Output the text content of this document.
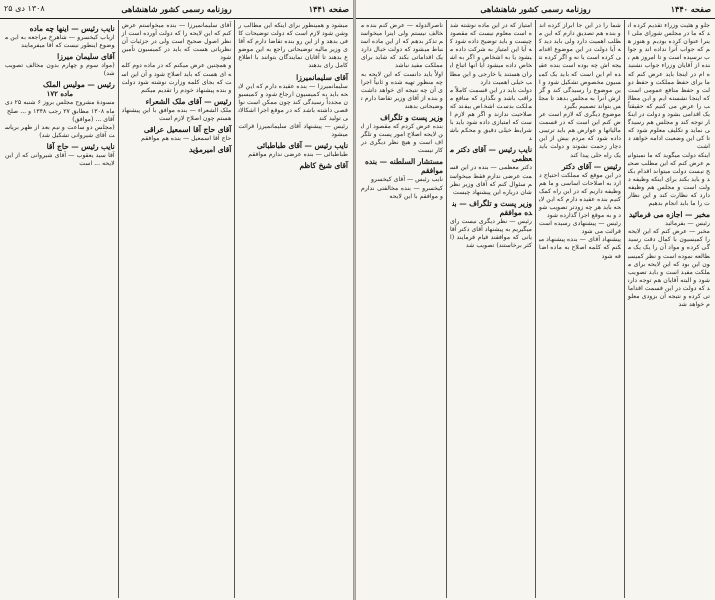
صفحه ۱۴۴۰
روزنامه رسمی کشور شاهنشاهی
جلو و هئیت وزراء تقدیم کرده اند که ما در مجلس شورای ملی اینرا عنوان کرده بودیم و هنوز هم که جواب آنرا نداده اند و جواب نرسیده است و تا امروز هم بنده از آقایان وزراء جواب نشنیده ام در اینجا باید عرض کنم که ما برای حفظ مملکت و حفظ دولت و حفظ منافع عمومی است که اینجا نشسته ایم و این مطالب را عرض می کنیم که حقیقتاً یک اقدامی بشود و دولت در اینکار توجه کند و مجلس هم رسیدگی نماید و تکلیف معلوم شود که تا کی این وضعیت ادامه خواهد داشت
اینکه دولت میگوید که ما نمیتوانیم عرض کنم که این مطلب صحیح نیست دولت میتواند اقدام بکند و باید بکند برای اینکه وظیفه دولت است و مجلس هم وظیفه دارد که نظارت کند و این نظارت را ما باید انجام بدهیم
مخبر — اجازه می فرمائید
رئیس — بفرمائید
مخبر — عرض کنم که این لایحه را کمیسیون با کمال دقت رسیدگی کرده و مواد آن را یک یک مطالعه نموده است و نظر کمیسیون این بود که این لایحه برای مملکت مفید است و باید تصویب شود و البته آقایان هم توجه دارند که دولت در این قسمت اقداماتی کرده و نتیجه آن بزودی معلوم خواهد شد
شما را در این جا ابراز کرده اند و بنده هم تصدیق دارم که این مطلب اهمیت دارد ولی باید دید که آیا دولت در این موضوع اقدامی کرده است یا نه و اگر کرده نتیجه اش چه بوده است بنده عقیده ام این است که باید یک کمیسیون مخصوص تشکیل شود و این موضوع را رسیدگی کند و گزارش آنرا به مجلس بدهد تا مجلس بتواند تصمیم بگیرد
موضوع دیگری که لازم است عرض کنم این است که در قسمت مالیاتها و عوارض هم باید ترتیبی داده شود که مردم بیش از این دچار زحمت نشوند و دولت باید یک راه حلی پیدا کند
رئیس — آقای دکتر
در این موقع که مملکت احتیاج دارد به اصلاحات اساسی و ما هم وظیفه داریم که در این راه کمک کنیم بنده عقیده دارم که این لایحه باید هر چه زودتر تصویب شود و به موقع اجرا گذارده شود
رئیس — پیشنهادی رسیده است قرائت می شود
پیشنهاد آقای — بنده پیشنهاد میکنم که کلمه اصلاح به ماده اضافه شود
امتیاز که در این ماده نوشته شده است معلوم نیست که مقصود چیست و باید توضیح داده شود که آیا این امتیاز به شرکت داده میشود یا به اشخاص و اگر به اشخاص داده میشود آیا آنها اتباع ایران هستند یا خارجی و این مطلب خیلی اهمیت دارد
دولت باید در این قسمت کاملاً مراقب باشد و نگذارد که منافع مملکت بدست اشخاص بیفتد که صلاحیت ندارند و اگر هم لازم است که امتیازی داده شود باید با شرایط خیلی دقیق و محکم باشد
نایب رئیس — آقای دکتر معظمی
دکتر معظمی — بنده در این قسمت عرضی ندارم فقط میخواستم سئوال کنم که آقای وزیر نظرشان درباره این پیشنهاد چیست
وزیر پست و تلگراف — بنده موافقم
رئیس — نظر دیگری نیست رای میگیریم به پیشنهاد آقای دکتر آقایانی که موافقند قیام فرمایند (اکثر برخاستند) تصویب شد
ناصرالدوله — عرض کنم بنده مخالف نیستم ولی اینرا میخواستم تذکر بدهم که از این ماده استنباط میشود که دولت خیال دارد یک اقداماتی بکند که شاید برای مملکت مفید نباشد
اولاً باید دانست که این لایحه به چه منظور تهیه شده و ثانیاً اجرای آن چه نتیجه ای خواهد داشت و بنده از آقای وزیر تقاضا دارم توضیحاتی بدهند
وزیر پست و تلگراف
بنده عرض کردم که مقصود از این لایحه اصلاح امور پست و تلگراف است و هیچ نظر دیگری در کار نیست
مستشار السلطنه — بنده موافقم
نایب رئیس — آقای کیخسرو
کیخسرو — بنده مخالفتی ندارم و موافقم با این لایحه
صفحه ۱۴۴۱
روزنامه رسمی کشور شاهنشاهی
۱۳۰۸ دی ۲۵
میشود و همینطور برای اینکه این مطالب روشن شود لازم است که دولت توضیحات کافی بدهد و از این رو بنده تقاضا دارم که آقای وزیر مالیه توضیحاتی راجع به این موضوع بدهند تا آقایان نمایندگان بتوانند با اطلاع کامل رای بدهند
آقای سلیمانمیرزا
سلیمانمیرزا — بنده عقیده دارم که این لایحه باید به کمیسیون ارجاع شود و کمیسیون مجدداً رسیدگی کند چون ممکن است نواقصی داشته باشد که در موقع اجرا اشکالاتی تولید کند
رئیس — پیشنهاد آقای سلیمانمیرزا قرائت میشود
نایب رئیس — آقای طباطبائی
طباطبائی — بنده عرضی ندارم موافقم
آقای شیخ کاظم
آقای سلیمانمیرزا — بنده میخواستم عرض کنم که این لایحه را که دولت آورده است از نظر اصول صحیح است ولی در جزئیات آن نظریاتی هست که باید در کمیسیون تأمین شود
و همچنین عرض میکنم که در ماده دوم کلمه ای هست که باید اصلاح شود و آن این است که بجای کلمه وزارت نوشته شود دولت و بنده پیشنهاد خودم را تقدیم میکنم
رئیس — آقای ملک الشعراء
ملک الشعراء — بنده موافق با این پیشنهاد هستم چون اصلاح لازم است
آقای حاج آقا اسمعیل عراقی
حاج آقا اسمعیل — بنده هم موافقم
آقای امیرمؤید
نایب رئیس — اینها چه ماده
ارباب کیخسرو — شاهرخ مراجعه به این موضوع اینطور نیست که آقا میفرمایند
آقای سلیمان میرزا
(مواد سوم و چهارم بدون مخالف تصویب شد)
رئیس — مولیس الملک
ماده ۱۷۲
مسودۀ مشروح مجلس بروز ۶ شنبه ۲۵ دی ماه ۱۳۰۸ مطابق ۲۷ رجب ۱۳۴۸ و ... صلح
آقای ... (موافق)
(مجلس دو ساعت و نیم بعد از ظهر بریاست آقای شیروانی تشکیل شد)
نایب رئیس — حاج آقا
آقا سید یعقوب — آقای شیروانی که از این لایحه ... است
